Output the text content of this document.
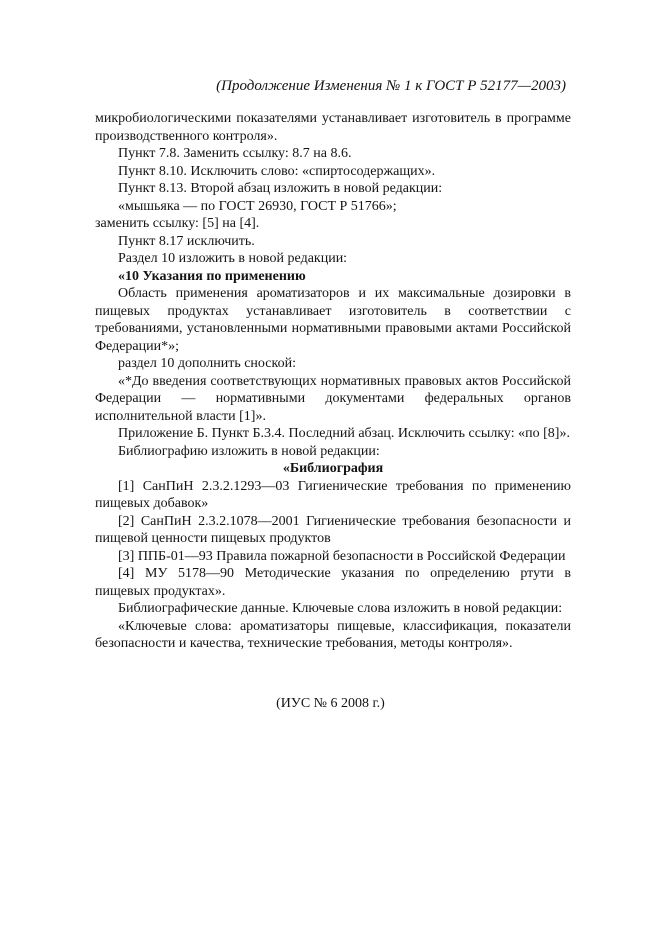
(Продолжение Изменения № 1 к ГОСТ Р 52177—2003)

микробиологическими показателями устанавливает изготовитель в программе производственного контроля».

Пункт 7.8. Заменить ссылку: 8.7 на 8.6.

Пункт 8.10. Исключить слово: «спиртосодержащих».

Пункт 8.13. Второй абзац изложить в новой редакции:

«мышьяка — по ГОСТ 26930, ГОСТ Р 51766»;

заменить ссылку: [5] на [4].

Пункт 8.17 исключить.

Раздел 10 изложить в новой редакции:

«10 Указания по применению

Область применения ароматизаторов и их максимальные дозировки в пищевых продуктах устанавливает изготовитель в соответствии с требованиями, установленными нормативными правовыми актами Российской Федерации*»;

раздел 10 дополнить сноской:

«*До введения соответствующих нормативных правовых актов Российской Федерации — нормативными документами федеральных органов исполнительной власти [1]».

Приложение Б. Пункт Б.3.4. Последний абзац. Исключить ссылку: «по [8]».

Библиографию изложить в новой редакции:

«Библиография

[1] СанПиН 2.3.2.1293—03 Гигиенические требования по применению пищевых добавок»

[2] СанПиН 2.3.2.1078—2001 Гигиенические требования безопасности и пищевой ценности пищевых продуктов

[3] ППБ-01—93 Правила пожарной безопасности в Российской Федерации

[4] МУ 5178—90 Методические указания по определению ртути в пищевых продуктах».

Библиографические данные. Ключевые слова изложить в новой редакции:

«Ключевые слова: ароматизаторы пищевые, классификация, показатели безопасности и качества, технические требования, методы контроля».

(ИУС № 6 2008 г.)
